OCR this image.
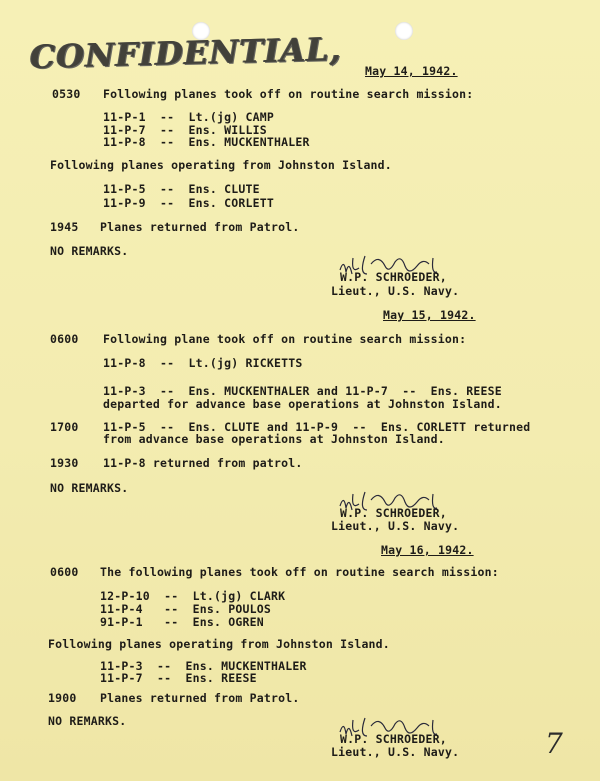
CONFIDENTIAL, May 14, 1942.
0530 Following planes took off on routine search mission:
11-P-1  --  Lt.(jg) CAMP
11-P-7  --  Ens. WILLIS
11-P-8  --  Ens. MUCKENTHALER
Following planes operating from Johnston Island.
11-P-5  --  Ens. CLUTE
11-P-9  --  Ens. CORLETT
1945 Planes returned from Patrol.
NO REMARKS.
W.P. SCHROEDER,
Lieut., U.S. Navy.
May 15, 1942.
0600 Following plane took off on routine search mission:
11-P-8  --  Lt.(jg) RICKETTS
11-P-3  --  Ens. MUCKENTHALER and 11-P-7  --  Ens. REESE
departed for advance base operations at Johnston Island.
1700 11-P-5  --  Ens. CLUTE and 11-P-9  --  Ens. CORLETT returned
from advance base operations at Johnston Island.
1930 11-P-8 returned from patrol.
NO REMARKS.
W.P. SCHROEDER,
Lieut., U.S. Navy.
May 16, 1942.
0600 The following planes took off on routine search mission:
12-P-10  --  Lt.(jg) CLARK
11-P-4   --  Ens. POULOS
91-P-1   --  Ens. OGREN
Following planes operating from Johnston Island.
11-P-3  --  Ens. MUCKENTHALER
11-P-7  --  Ens. REESE
1900 Planes returned from Patrol.
NO REMARKS.
W.P. SCHROEDER,
Lieut., U.S. Navy.	7
